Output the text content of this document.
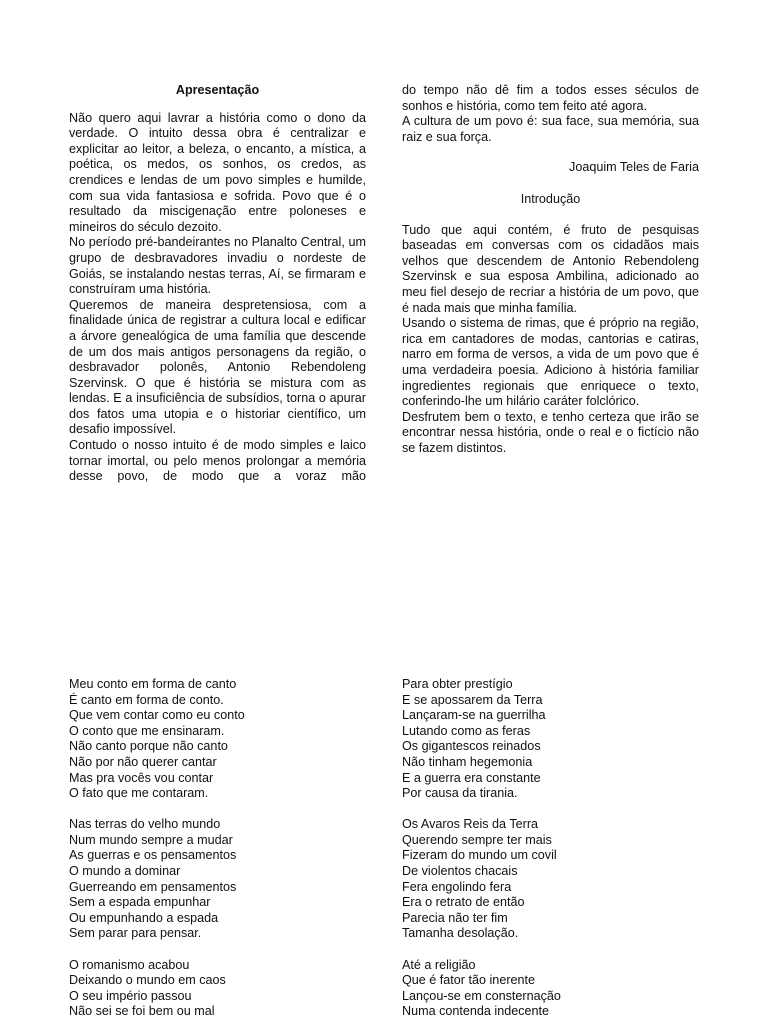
Apresentação

Não quero aqui lavrar a história como o dono da verdade. O intuito dessa obra é centralizar e explicitar ao leitor, a beleza, o encanto, a mística, a poética, os medos, os sonhos, os credos, as crendices e lendas de um povo simples e humilde, com sua vida fantasiosa e sofrida. Povo que é o resultado da miscigenação entre poloneses e mineiros do século dezoito.

No período pré-bandeirantes no Planalto Central, um grupo de desbravadores invadiu o nordeste de Goiás, se instalando nestas terras, Aí, se firmaram e construíram uma história.

Queremos de maneira despretensiosa, com a finalidade única de registrar a cultura local e edificar a árvore genealógica de uma família que descende de um dos mais antigos personagens da região, o desbravador polonês, Antonio Rebendoleng Szervinsk. O que é história se mistura com as lendas. E a insuficiência de subsídios, torna o apurar dos fatos uma utopia e o historiar científico, um desafio impossível.

Contudo o nosso intuito é de modo simples e laico tornar imortal, ou pelo menos prolongar a memória desse povo, de modo que a voraz mão

do tempo não dê fim a todos esses séculos de sonhos e história, como tem feito até agora.

A cultura de um povo é: sua face, sua memória, sua raiz e sua força.

Joaquim Teles de Faria

Introdução

Tudo que aqui contém, é fruto de pesquisas baseadas em conversas com os cidadãos mais velhos que descendem de Antonio Rebendoleng Szervinsk e sua esposa Ambilina, adicionado ao meu fiel desejo de recriar a história de um povo, que é nada mais que minha família.

Usando o sistema de rimas, que é próprio na região, rica em cantadores de modas, cantorias e catiras, narro em forma de versos, a vida de um povo que é uma verdadeira poesia. Adiciono à história familiar ingredientes regionais que enriquece o texto, conferindo-lhe um hilário caráter folclórico.

Desfrutem bem o texto, e tenho certeza que irão se encontrar nessa história, onde o real e o fictício não se fazem distintos.

Meu conto em forma de canto

É canto em forma de conto.

Que vem contar como eu conto

O conto que me ensinaram.

Não canto porque não canto

Não por não querer cantar

Mas pra vocês vou contar

O fato que me contaram.

Nas terras do velho mundo

Num mundo sempre a mudar

As guerras e os pensamentos

O mundo a dominar

Guerreando em pensamentos

Sem a espada empunhar

Ou empunhando a espada

Sem parar para pensar.

O romanismo acabou

Deixando o mundo em caos

O seu império passou

Não sei se foi bem ou mal

Para obter prestígio

E se apossarem da Terra

Lançaram-se na guerrilha

Lutando como as feras

Os gigantescos reinados

Não tinham hegemonia

E a guerra era constante

Por causa da tirania.

Os Avaros Reis da Terra

Querendo sempre ter mais

Fizeram do mundo um covil

De violentos chacais

Fera engolindo fera

Era o retrato de então

Parecia não ter fim

Tamanha desolação.

Até a religião

Que é fator tão inerente

Lançou-se em consternação

Numa contenda indecente
